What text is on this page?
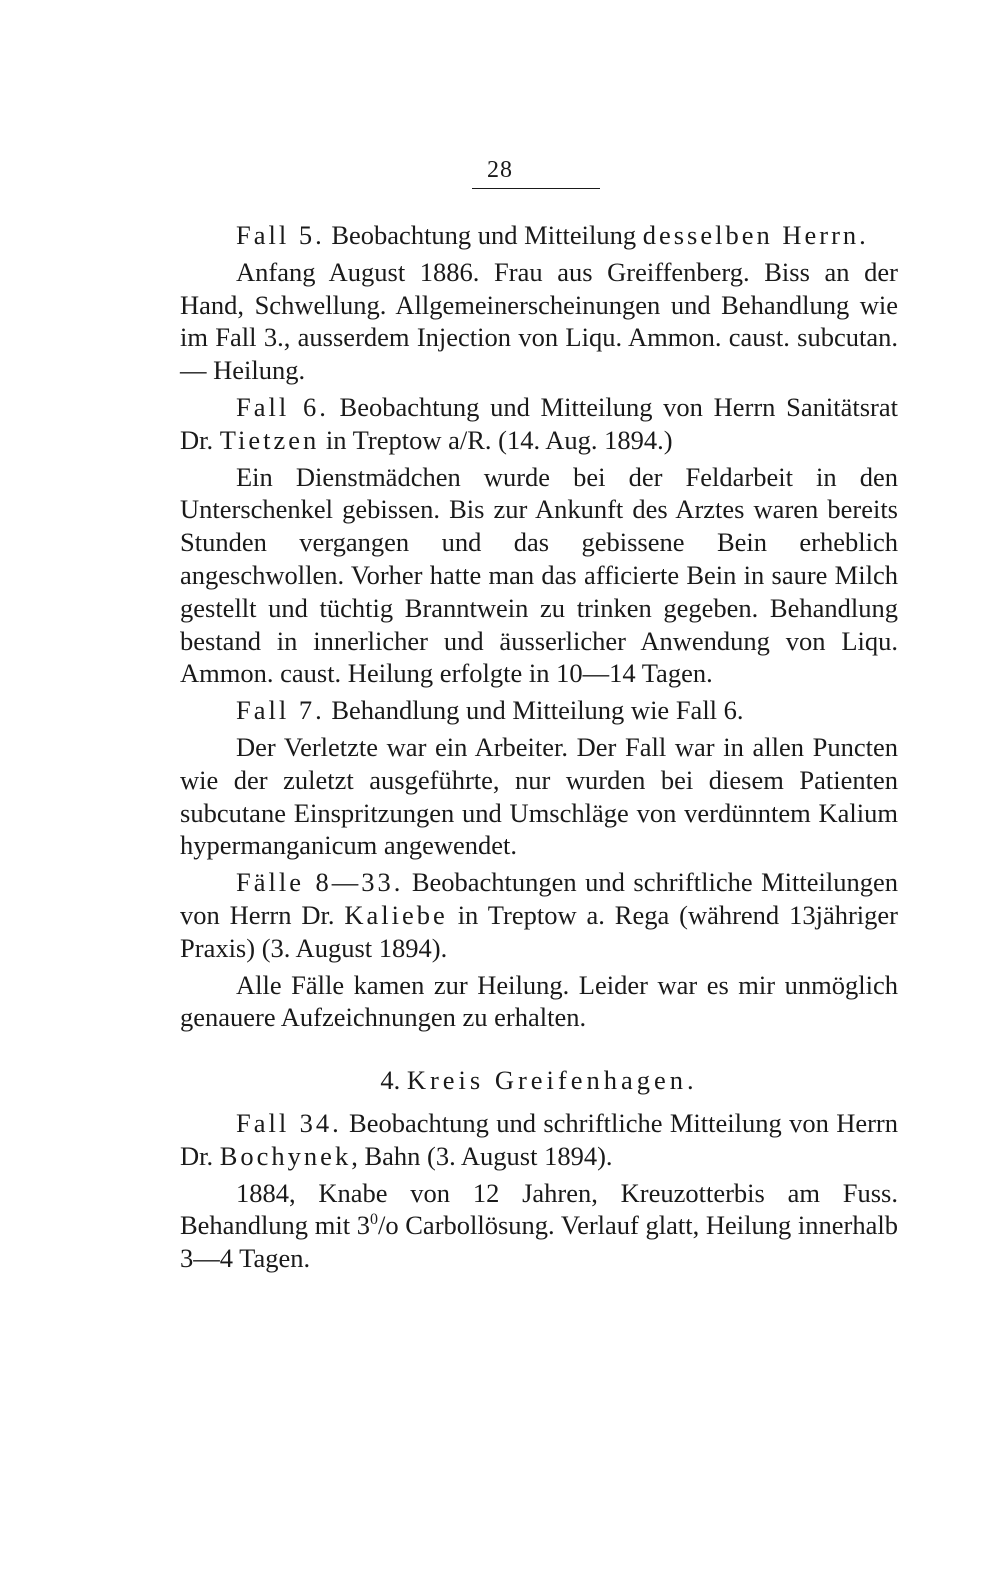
28

Fall 5. Beobachtung und Mitteilung desselben Herrn.

Anfang August 1886. Frau aus Greiffenberg. Biss an der Hand, Schwellung. Allgemeinerscheinungen und Behandlung wie im Fall 3., ausserdem Injection von Liqu. Ammon. caust. subcutan. — Heilung.

Fall 6. Beobachtung und Mitteilung von Herrn Sanitätsrat Dr. Tietzen in Treptow a/R. (14. Aug. 1894.)

Ein Dienstmädchen wurde bei der Feldarbeit in den Unterschenkel gebissen. Bis zur Ankunft des Arztes waren bereits Stunden vergangen und das gebissene Bein erheblich angeschwollen. Vorher hatte man das afficierte Bein in saure Milch gestellt und tüchtig Branntwein zu trinken gegeben. Behandlung bestand in innerlicher und äusserlicher Anwendung von Liqu. Ammon. caust. Heilung erfolgte in 10—14 Tagen.

Fall 7. Behandlung und Mitteilung wie Fall 6.

Der Verletzte war ein Arbeiter. Der Fall war in allen Puncten wie der zuletzt ausgeführte, nur wurden bei diesem Patienten subcutane Einspritzungen und Umschläge von verdünntem Kalium hypermanganicum angewendet.

Fälle 8—33. Beobachtungen und schriftliche Mitteilungen von Herrn Dr. Kaliebe in Treptow a. Rega (während 13jähriger Praxis) (3. August 1894).

Alle Fälle kamen zur Heilung. Leider war es mir unmöglich genauere Aufzeichnungen zu erhalten.

4. Kreis Greifenhagen.

Fall 34. Beobachtung und schriftliche Mitteilung von Herrn Dr. Bochynek, Bahn (3. August 1894).

1884, Knabe von 12 Jahren, Kreuzotterbis am Fuss. Behandlung mit $3^0/o$ Carbollösung. Verlauf glatt, Heilung innerhalb 3—4 Tagen.
